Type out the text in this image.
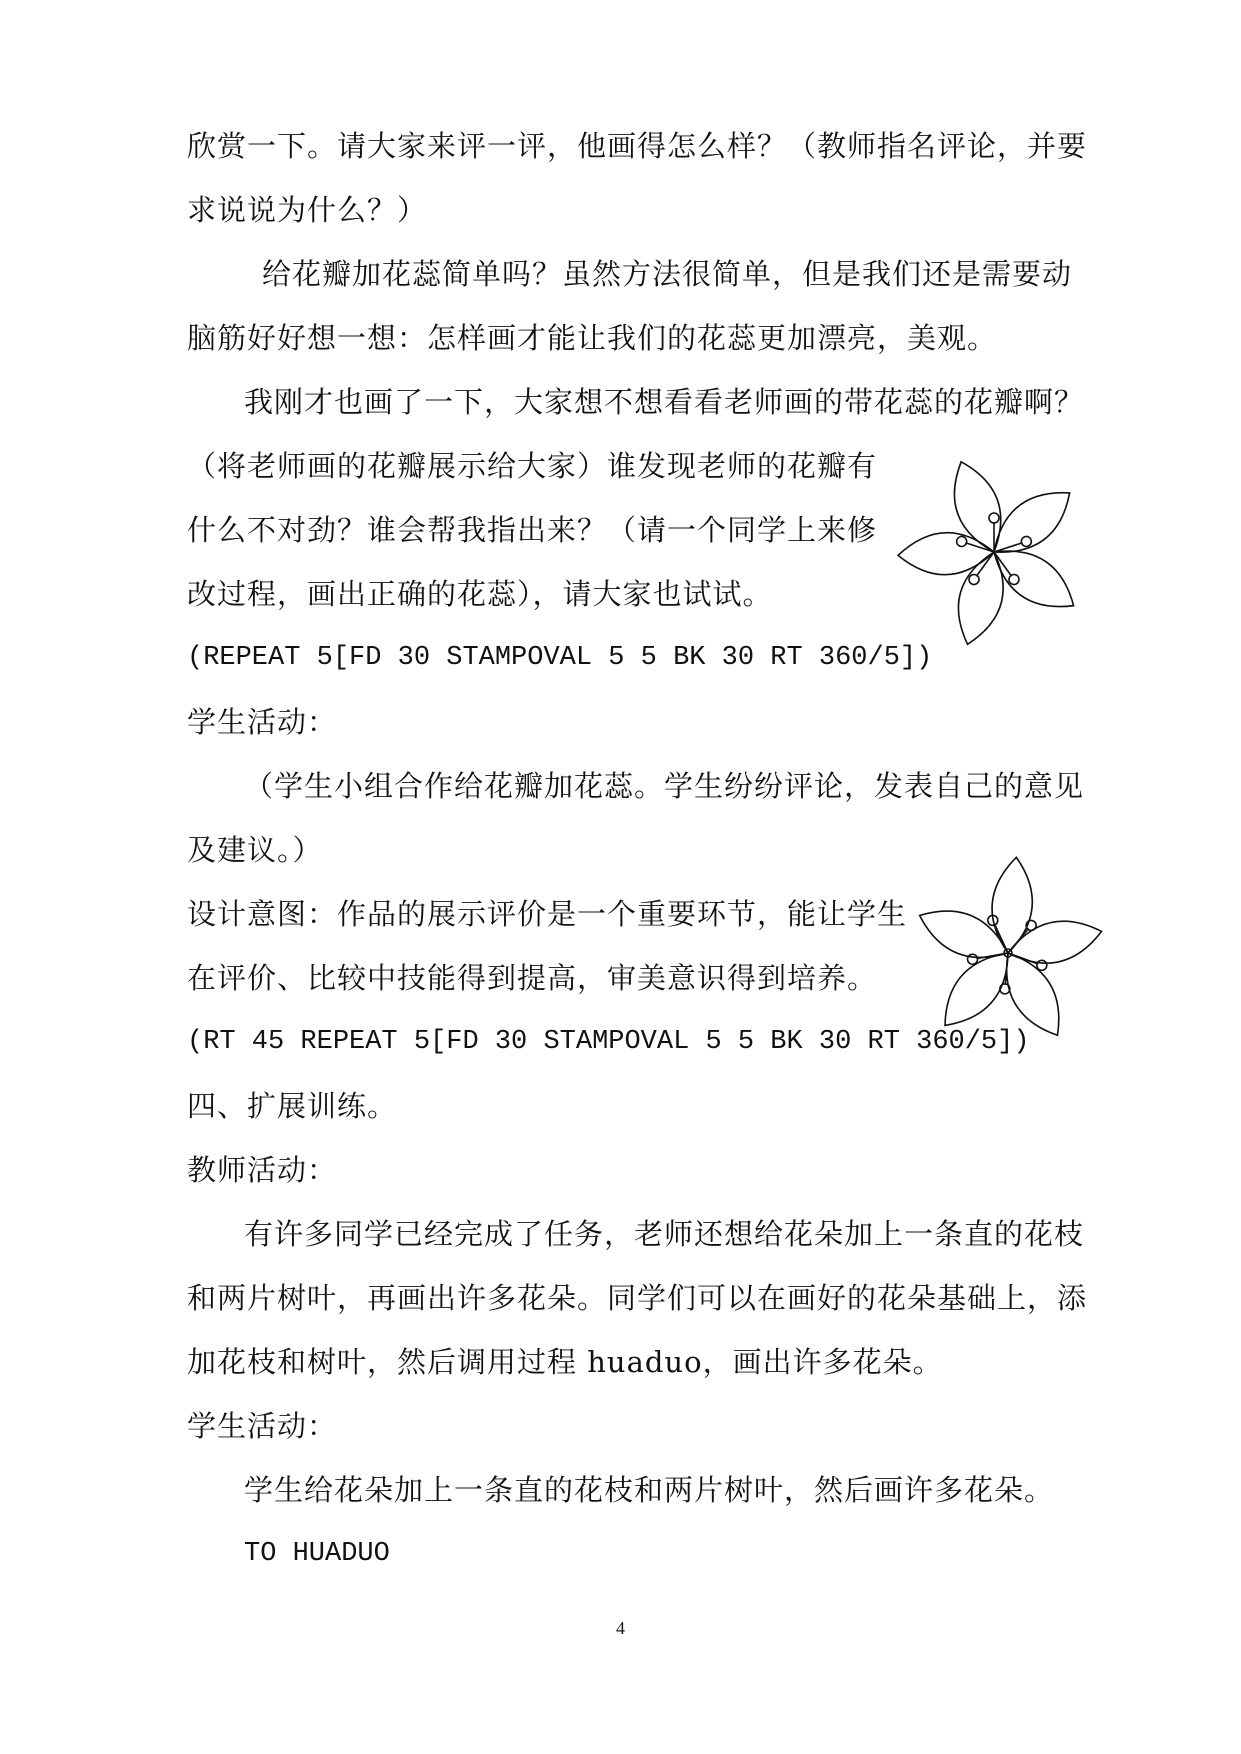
欣赏一下。请大家来评一评，他画得怎么样？（教师指名评论，并要
求说说为什么？）
给花瓣加花蕊简单吗？虽然方法很简单，但是我们还是需要动
脑筋好好想一想：怎样画才能让我们的花蕊更加漂亮，美观。
我刚才也画了一下，大家想不想看看老师画的带花蕊的花瓣啊？
（将老师画的花瓣展示给大家）谁发现老师的花瓣有
什么不对劲？谁会帮我指出来？（请一个同学上来修
改过程，画出正确的花蕊），请大家也试试。
(REPEAT 5[FD 30 STAMPOVAL 5 5 BK 30 RT 360/5])
学生活动：
（学生小组合作给花瓣加花蕊。学生纷纷评论，发表自己的意见
及建议。）
设计意图：作品的展示评价是一个重要环节，能让学生
在评价、比较中技能得到提高，审美意识得到培养。
(RT 45 REPEAT 5[FD 30 STAMPOVAL 5 5 BK 30 RT 360/5])
四、扩展训练。
教师活动：
有许多同学已经完成了任务，老师还想给花朵加上一条直的花枝
和两片树叶，再画出许多花朵。同学们可以在画好的花朵基础上，添
加花枝和树叶，然后调用过程 huaduo，画出许多花朵。
学生活动：
学生给花朵加上一条直的花枝和两片树叶，然后画许多花朵。
TO HUADUO
4
